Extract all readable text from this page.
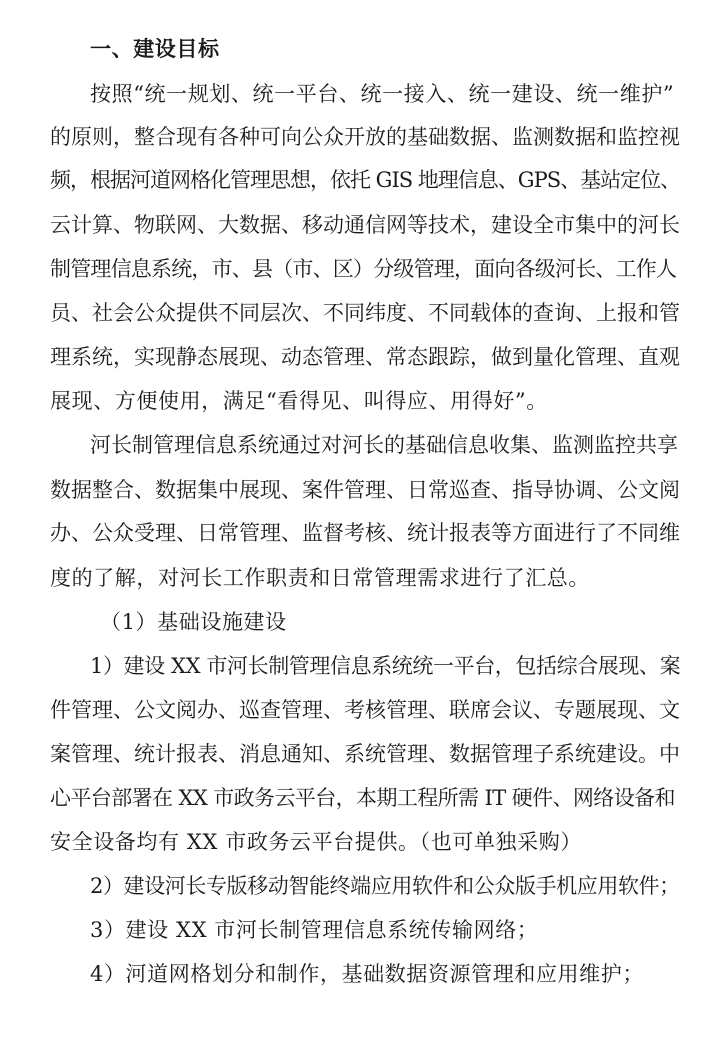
一、建设目标
按照“统一规划、统一平台、统一接入、统一建设、统一维护”
的原则，整合现有各种可向公众开放的基础数据、监测数据和监控视
频，根据河道网格化管理思想，依托 GIS 地理信息、GPS、基站定位、
云计算、物联网、大数据、移动通信网等技术，建设全市集中的河长
制管理信息系统，市、县（市、区）分级管理，面向各级河长、工作人
员、社会公众提供不同层次、不同纬度、不同载体的查询、上报和管
理系统，实现静态展现、动态管理、常态跟踪，做到量化管理、直观
展现、方便使用，满足“看得见、叫得应、用得好”。
河长制管理信息系统通过对河长的基础信息收集、监测监控共享
数据整合、数据集中展现、案件管理、日常巡查、指导协调、公文阅
办、公众受理、日常管理、监督考核、统计报表等方面进行了不同维
度的了解，对河长工作职责和日常管理需求进行了汇总。
（1）基础设施建设
1）建设 XX 市河长制管理信息系统统一平台，包括综合展现、案
件管理、公文阅办、巡查管理、考核管理、联席会议、专题展现、文
案管理、统计报表、消息通知、系统管理、数据管理子系统建设。中
心平台部署在 XX 市政务云平台，本期工程所需 IT 硬件、网络设备和
安全设备均有 XX 市政务云平台提供。（也可单独采购）
2）建设河长专版移动智能终端应用软件和公众版手机应用软件；
3）建设 XX 市河长制管理信息系统传输网络；
4）河道网格划分和制作，基础数据资源管理和应用维护；
